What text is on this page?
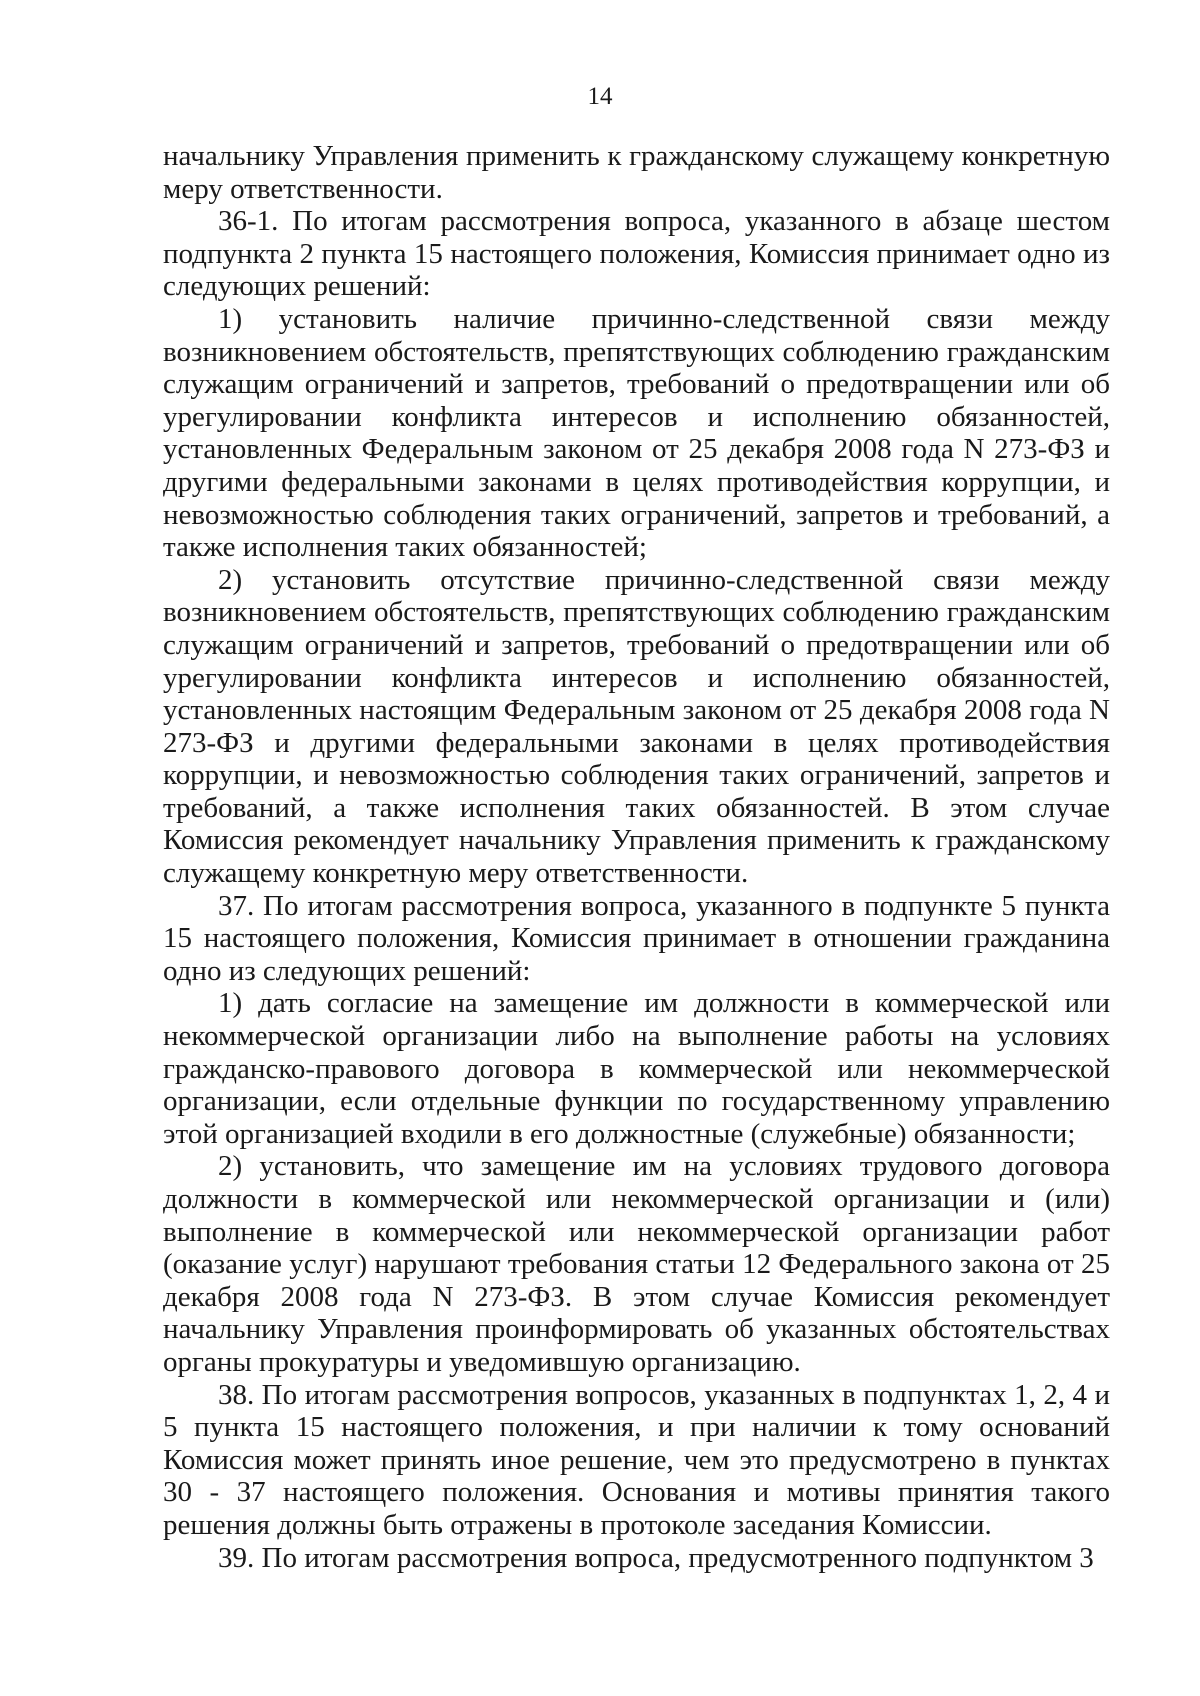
14

начальнику Управления применить к гражданскому служащему конкретную меру ответственности.

36-1. По итогам рассмотрения вопроса, указанного в абзаце шестом подпункта 2 пункта 15 настоящего положения, Комиссия принимает одно из следующих решений:

1) установить наличие причинно-следственной связи между возникновением обстоятельств, препятствующих соблюдению гражданским служащим ограничений и запретов, требований о предотвращении или об урегулировании конфликта интересов и исполнению обязанностей, установленных Федеральным законом от 25 декабря 2008 года N 273-ФЗ и другими федеральными законами в целях противодействия коррупции, и невозможностью соблюдения таких ограничений, запретов и требований, а также исполнения таких обязанностей;

2) установить отсутствие причинно-следственной связи между возникновением обстоятельств, препятствующих соблюдению гражданским служащим ограничений и запретов, требований о предотвращении или об урегулировании конфликта интересов и исполнению обязанностей, установленных настоящим Федеральным законом от 25 декабря 2008 года N 273-ФЗ и другими федеральными законами в целях противодействия коррупции, и невозможностью соблюдения таких ограничений, запретов и требований, а также исполнения таких обязанностей. В этом случае Комиссия рекомендует начальнику Управления применить к гражданскому служащему конкретную меру ответственности.

37. По итогам рассмотрения вопроса, указанного в подпункте 5 пункта 15 настоящего положения, Комиссия принимает в отношении гражданина одно из следующих решений:

1) дать согласие на замещение им должности в коммерческой или некоммерческой организации либо на выполнение работы на условиях гражданско-правового договора в коммерческой или некоммерческой организации, если отдельные функции по государственному управлению этой организацией входили в его должностные (служебные) обязанности;

2) установить, что замещение им на условиях трудового договора должности в коммерческой или некоммерческой организации и (или) выполнение в коммерческой или некоммерческой организации работ (оказание услуг) нарушают требования статьи 12 Федерального закона от 25 декабря 2008 года N 273-ФЗ. В этом случае Комиссия рекомендует начальнику Управления проинформировать об указанных обстоятельствах органы прокуратуры и уведомившую организацию.

38. По итогам рассмотрения вопросов, указанных в подпунктах 1, 2, 4 и 5 пункта 15 настоящего положения, и при наличии к тому оснований Комиссия может принять иное решение, чем это предусмотрено в пунктах 30 - 37 настоящего положения. Основания и мотивы принятия такого решения должны быть отражены в протоколе заседания Комиссии.

39. По итогам рассмотрения вопроса, предусмотренного подпунктом 3
